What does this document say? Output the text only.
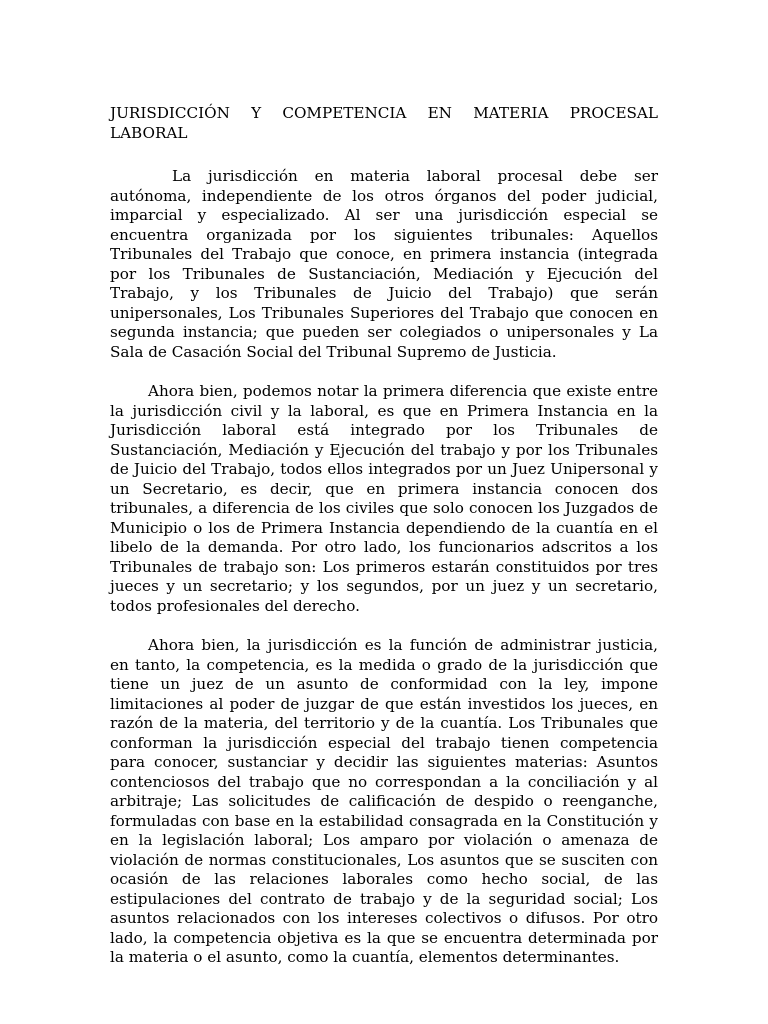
JURISDICCIÓN Y COMPETENCIA EN MATERIA PROCESAL LABORAL

La jurisdicción en materia laboral procesal debe ser autónoma, independiente de los otros órganos del poder judicial, imparcial y especializado. Al ser una jurisdicción especial se encuentra organizada por los siguientes tribunales: Aquellos Tribunales del Trabajo que conoce, en primera instancia (integrada por los Tribunales de Sustanciación, Mediación y Ejecución del Trabajo, y los Tribunales de Juicio del Trabajo) que serán unipersonales, Los Tribunales Superiores del Trabajo que conocen en segunda instancia; que pueden ser colegiados o unipersonales y La Sala de Casación Social del Tribunal Supremo de Justicia.

Ahora bien, podemos notar la primera diferencia que existe entre la jurisdicción civil y la laboral, es que en Primera Instancia en la Jurisdicción laboral está integrado por los Tribunales de Sustanciación, Mediación y Ejecución del trabajo y por los Tribunales de Juicio del Trabajo, todos ellos integrados por un Juez Unipersonal y un Secretario, es decir, que en primera instancia conocen dos tribunales, a diferencia de los civiles que solo conocen los Juzgados de Municipio o los de Primera Instancia dependiendo de la cuantía en el libelo de la demanda. Por otro lado, los funcionarios adscritos a los Tribunales de trabajo son: Los primeros estarán constituidos por tres jueces y un secretario; y los segundos, por un juez y un secretario, todos profesionales del derecho.

Ahora bien, la jurisdicción es la función de administrar justicia, en tanto, la competencia, es la medida o grado de la jurisdicción que tiene un juez de un asunto de conformidad con la ley, impone limitaciones al poder de juzgar de que están investidos los jueces, en razón de la materia, del territorio y de la cuantía. Los Tribunales que conforman la jurisdicción especial del trabajo tienen competencia para conocer, sustanciar y decidir las siguientes materias: Asuntos contenciosos del trabajo que no correspondan a la conciliación y al arbitraje; Las solicitudes de calificación de despido o reenganche, formuladas con base en la estabilidad consagrada en la Constitución y en la legislación laboral; Los amparo por violación o amenaza de violación de normas constitucionales, Los asuntos que se susciten con ocasión de las relaciones laborales como hecho social, de las estipulaciones del contrato de trabajo y de la seguridad social; Los asuntos relacionados con los intereses colectivos o difusos. Por otro lado, la competencia objetiva es la que se encuentra determinada por la materia o el asunto, como la cuantía, elementos determinantes.
